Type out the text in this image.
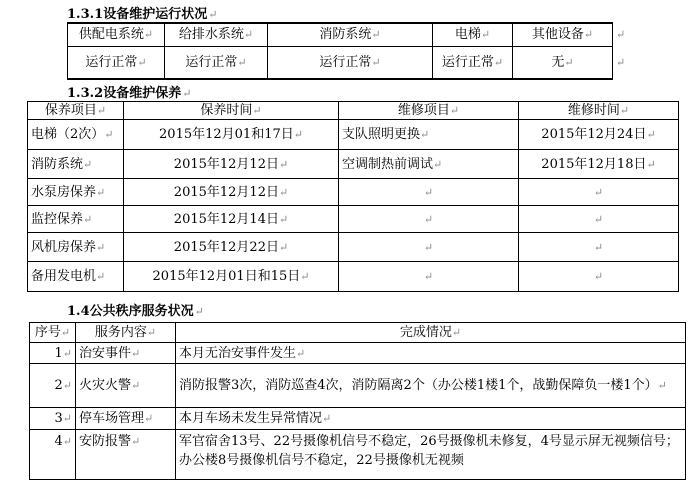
1.3.1设备维护运行状况↵
供配电系统↵	给排水系统↵	消防系统↵	电梯↵	其他设备↵	↵
运行正常↵	运行正常↵	运行正常↵	运行正常↵	无↵	↵
1.3.2设备维护保养↵
保养项目↵	保养时间↵	维修项目↵	维修时间↵
电梯（2次）↵	2015年12月01和17日↵	支队照明更换↵	2015年12月24日↵
消防系统↵	2015年12月12日↵	空调制热前调试↵	2015年12月18日↵
水泵房保养↵	2015年12月12日↵	↵	↵
监控保养↵	2015年12月14日↵	↵	↵
风机房保养↵	2015年12月22日↵	↵	↵
备用发电机↵	2015年12月01日和15日↵	↵	↵
1.4公共秩序服务状况↵
序号↵	服务内容↵	完成情况↵
1↵	治安事件↵	本月无治安事件发生↵
2↵	火灾火警↵	消防报警3次，消防巡查4次，消防隔离2个（办公楼1楼1个，战勤保障负一楼1个）↵
3↵	停车场管理↵	本月车场未发生异常情况↵
4↵	安防报警↵	军官宿舍13号、22号摄像机信号不稳定，26号摄像机未修复，4号显示屏无视频信号；办公楼8号摄像机信号不稳定，22号摄像机无视频
